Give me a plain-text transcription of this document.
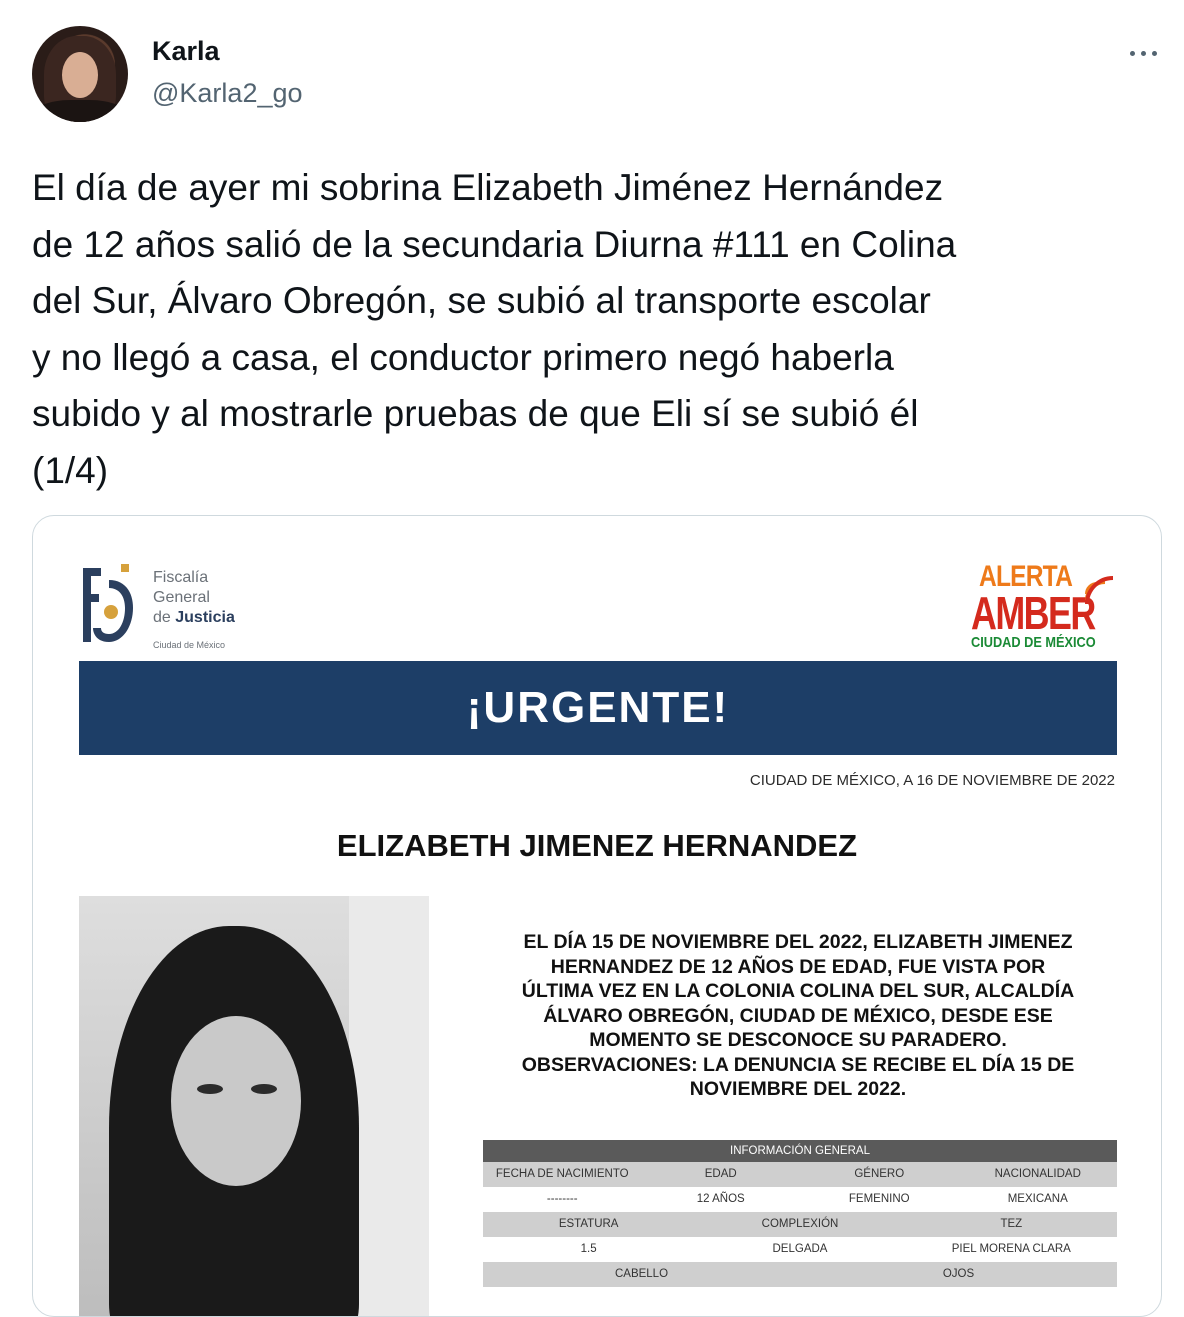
Karla
@Karla2_go
El día de ayer mi sobrina Elizabeth Jiménez Hernández
de 12 años salió de la secundaria Diurna #111 en Colina
del Sur, Álvaro Obregón, se subió al transporte escolar
y no llegó a casa, el conductor primero negó haberla
subido y al mostrarle pruebas de que Eli sí se subió él
(1/4)
Fiscalía
General
de Justicia
Ciudad de México
ALERTA
AMBER
CIUDAD DE MÉXICO
¡URGENTE!
CIUDAD DE MÉXICO, A 16 DE NOVIEMBRE DE 2022
ELIZABETH JIMENEZ HERNANDEZ
EL DÍA 15 DE NOVIEMBRE DEL 2022, ELIZABETH JIMENEZ
HERNANDEZ DE 12 AÑOS DE EDAD, FUE VISTA POR
ÚLTIMA VEZ EN LA COLONIA COLINA DEL SUR, ALCALDÍA
ÁLVARO OBREGÓN, CIUDAD DE MÉXICO, DESDE ESE
MOMENTO SE DESCONOCE SU PARADERO.
OBSERVACIONES: LA DENUNCIA SE RECIBE EL DÍA 15 DE
NOVIEMBRE DEL 2022.
INFORMACIÓN GENERAL
FECHA DE NACIMIENTO	EDAD	GÉNERO	NACIONALIDAD
--------	12 AÑOS	FEMENINO	MEXICANA
ESTATURA	COMPLEXIÓN	TEZ
1.5	DELGADA	PIEL MORENA CLARA
CABELLO	OJOS
